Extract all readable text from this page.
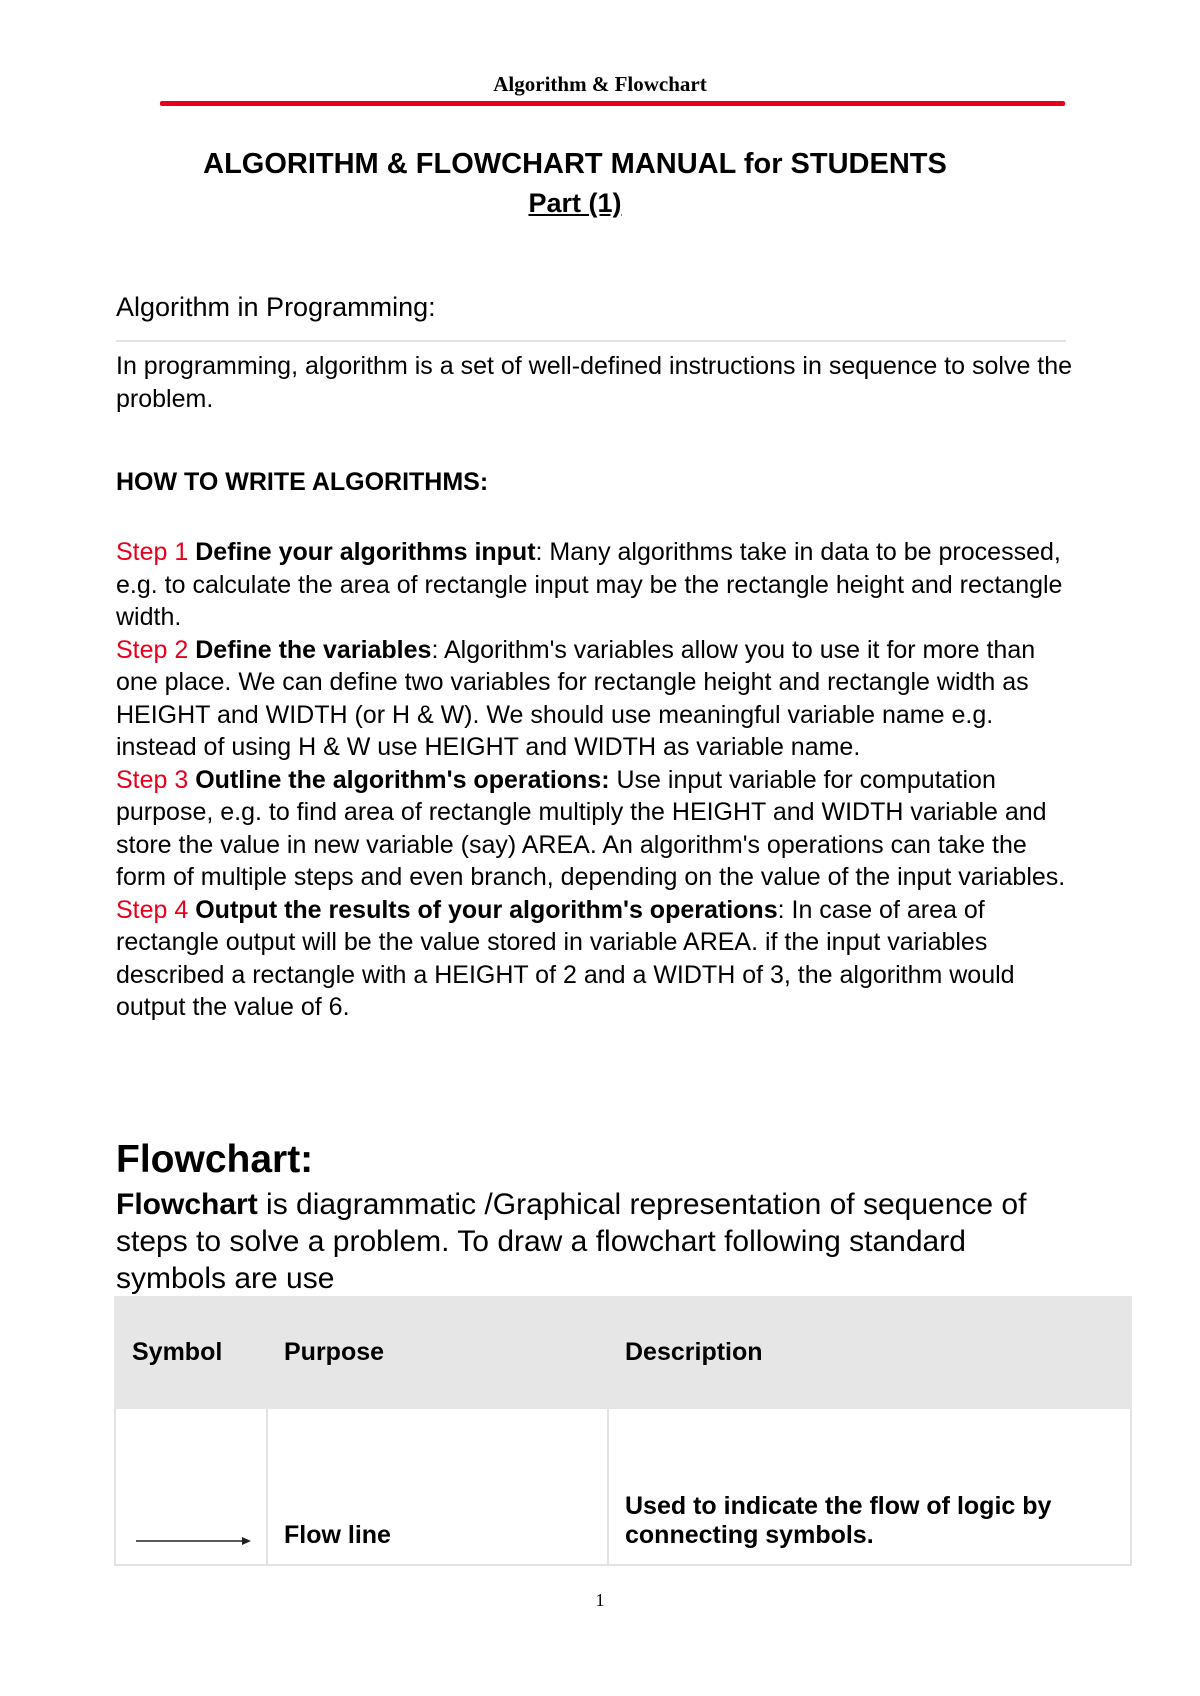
Algorithm & Flowchart
ALGORITHM & FLOWCHART MANUAL for STUDENTS
Part (1)
Algorithm in Programming:
In programming, algorithm is a set of well-defined instructions in sequence to solve the problem.
HOW TO WRITE ALGORITHMS:
Step 1 Define your algorithms input: Many algorithms take in data to be processed, e.g. to calculate the area of rectangle input may be the rectangle height and rectangle width.
Step 2 Define the variables: Algorithm's variables allow you to use it for more than one place. We can define two variables for rectangle height and rectangle width as HEIGHT and WIDTH (or H & W). We should use meaningful variable name e.g. instead of using H & W use HEIGHT and WIDTH as variable name.
Step 3 Outline the algorithm's operations: Use input variable for computation purpose, e.g. to find area of rectangle multiply the HEIGHT and WIDTH variable and store the value in new variable (say) AREA. An algorithm's operations can take the form of multiple steps and even branch, depending on the value of the input variables.
Step 4 Output the results of your algorithm's operations: In case of area of rectangle output will be the value stored in variable AREA. if the input variables described a rectangle with a HEIGHT of 2 and a WIDTH of 3, the algorithm would output the value of 6.
Flowchart:
Flowchart is diagrammatic /Graphical representation of sequence of steps to solve a problem. To draw a flowchart following standard symbols are use
Symbol	Purpose	Description

	Flow line	Used to indicate the flow of logic by connecting symbols.
1
